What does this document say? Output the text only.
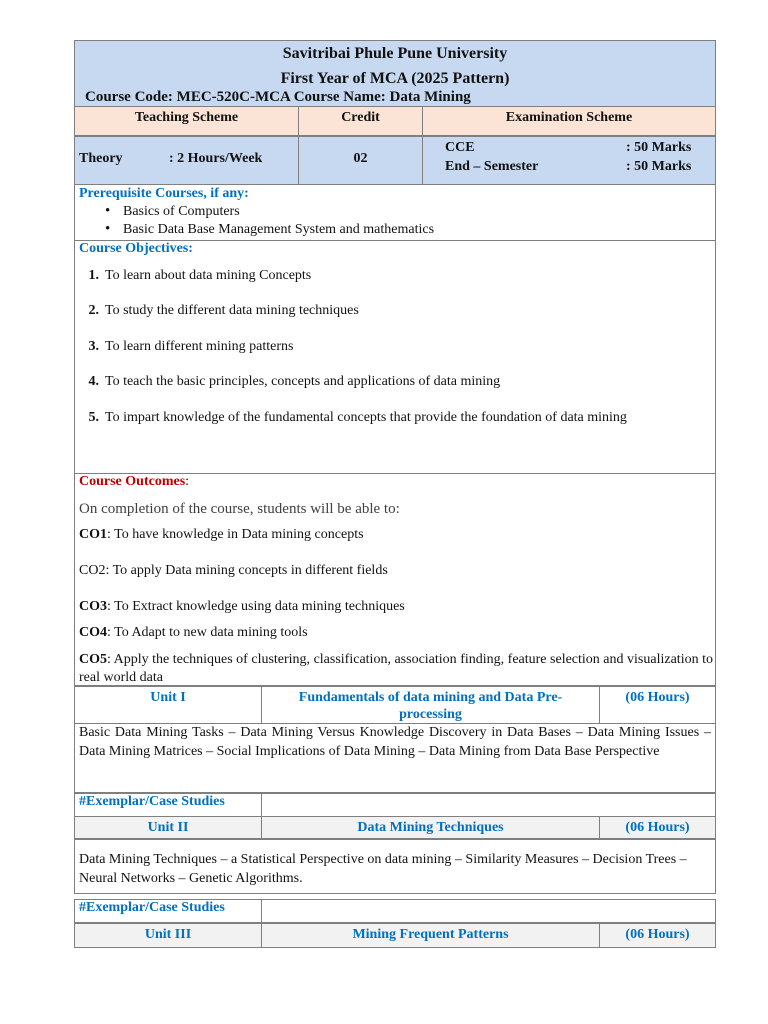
Savitribai Phule Pune University
First Year of MCA (2025 Pattern)
Course Code: MEC-520C-MCA Course Name: Data Mining
Teaching Scheme	Credit	Examination Scheme
Theory	: 2 Hours/Week	02
CCE	: 50 Marks
End – Semester	: 50 Marks
Prerequisite Courses, if any:
• Basics of Computers
• Basic Data Base Management System and mathematics
Course Objectives:
1. To learn about data mining Concepts
2. To study the different data mining techniques
3. To learn different mining patterns
4. To teach the basic principles, concepts and applications of data mining
5. To impart knowledge of the fundamental concepts that provide the foundation of data mining
Course Outcomes:
On completion of the course, students will be able to:
CO1: To have knowledge in Data mining concepts
CO2: To apply Data mining concepts in different fields
CO3: To Extract knowledge using data mining techniques
CO4: To Adapt to new data mining tools
CO5: Apply the techniques of clustering, classification, association finding, feature selection and visualization to real world data
Unit I	Fundamentals of data mining and Data Pre-processing
(06 Hours)
Basic Data Mining Tasks – Data Mining Versus Knowledge Discovery in Data Bases – Data Mining Issues – Data Mining Matrices – Social Implications of Data Mining – Data Mining from Data Base Perspective
#Exemplar/Case Studies
Unit II	Data Mining Techniques	(06 Hours)
Data Mining Techniques – a Statistical Perspective on data mining – Similarity Measures – Decision Trees – Neural Networks – Genetic Algorithms.
#Exemplar/Case Studies
Unit III	Mining Frequent Patterns	(06 Hours)
